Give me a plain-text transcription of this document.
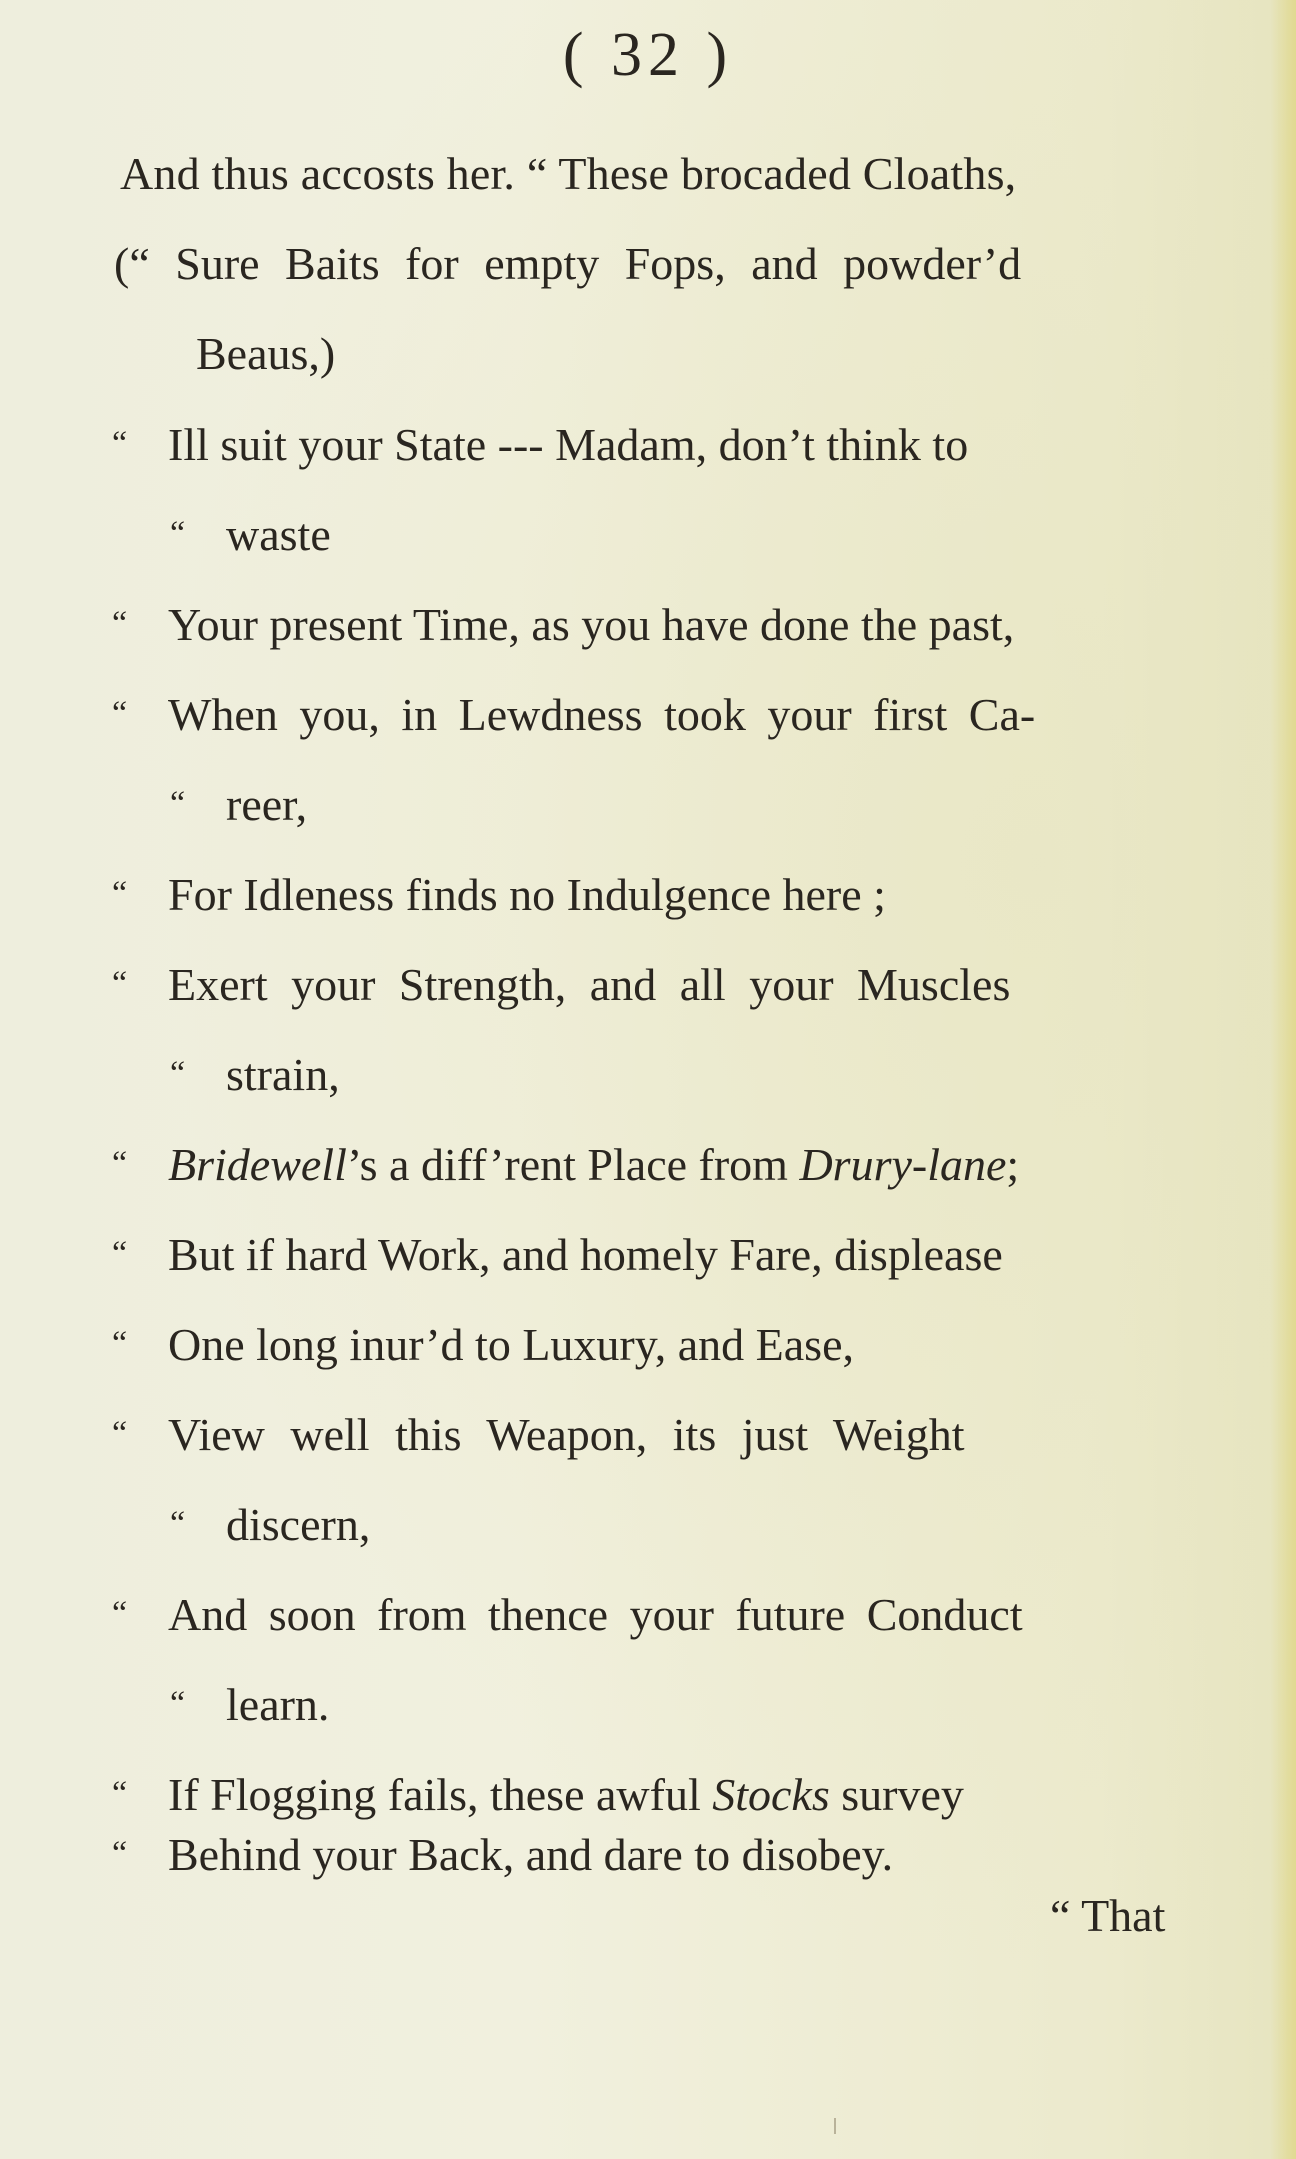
( 32 )
And thus accosts her. “ These brocaded Cloaths,
(“ Sure Baits for empty Fops, and powder’d
Beaus,)
“ Ill suit your State --- Madam, don’t think to
“ waste
“ Your present Time, as you have done the past,
“ When you, in Lewdness took your first Ca-
“ reer,
“ For Idleness finds no Indulgence here ;
“ Exert your Strength, and all your Muscles
“ strain,
“ Bridewell’s a diff’rent Place from Drury-lane;
“ But if hard Work, and homely Fare, displease
“ One long inur’d to Luxury, and Ease,
“ View well this Weapon, its just Weight
“ discern,
“ And soon from thence your future Conduct
“ learn.
“ If Flogging fails, these awful Stocks survey
“ Behind your Back, and dare to disobey.
“ That
